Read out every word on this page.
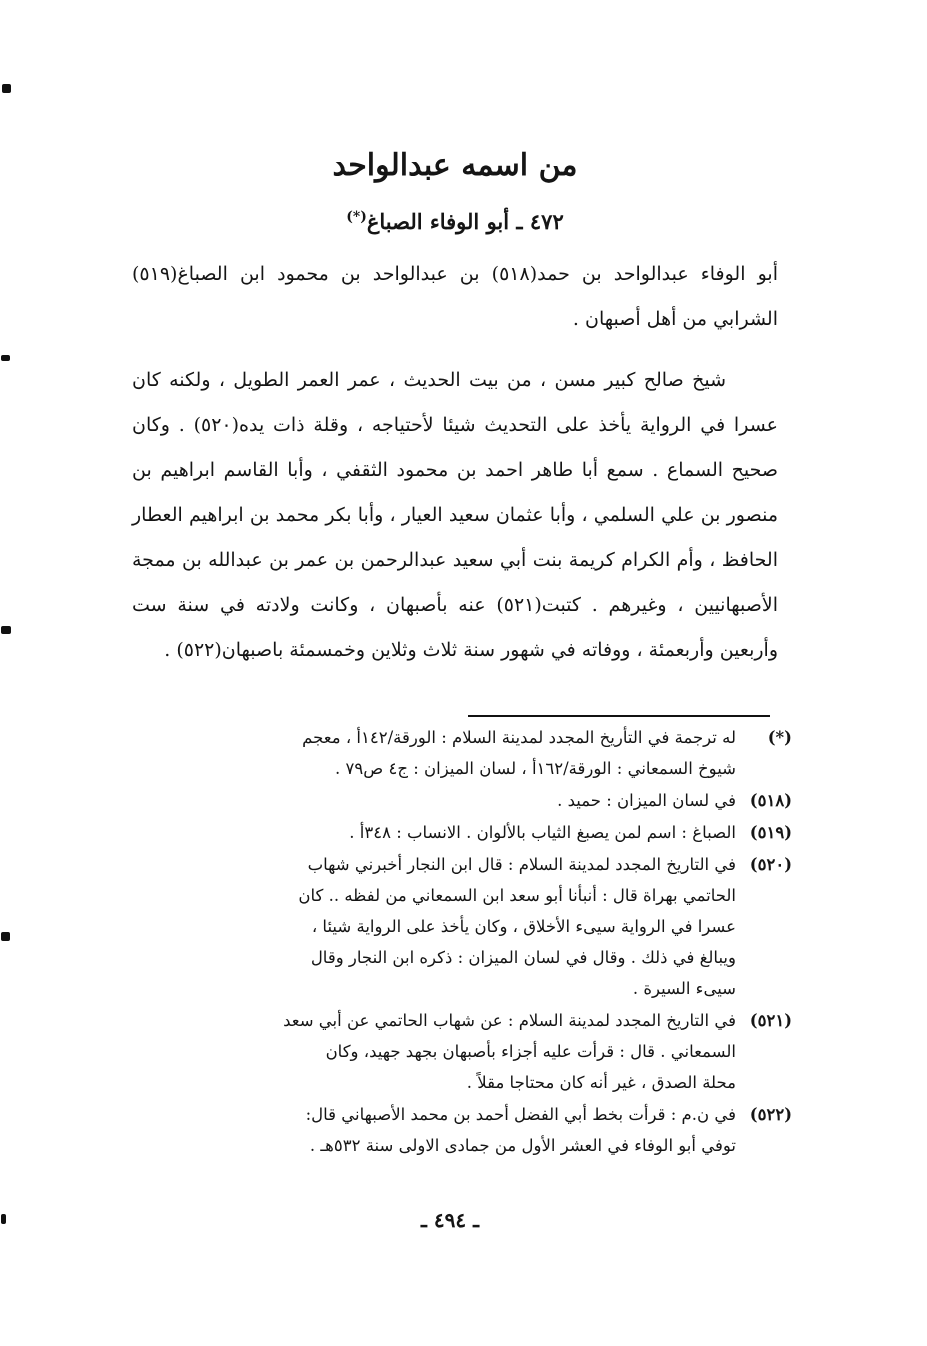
من اسمه عبدالواحد
٤٧٢ ـ أبو الوفاء الصباغ(*)
أبو الوفاء عبدالواحد بن حمد(٥١٨) بن عبدالواحد بن محمود ابن الصباغ(٥١٩) الشرابي من أهل أصبهان .
شيخ صالح كبير مسن ، من بيت الحديث ، عمر العمر الطويل ، ولكنه كان عسرا في الرواية يأخذ على التحديث شيئا لأحتياجه ، وقلة ذات يده(٥٢٠) . وكان صحيح السماع . سمع أبا طاهر احمد بن محمود الثقفي ، وأبا القاسم ابراهيم بن منصور بن علي السلمي ، وأبا عثمان سعيد العيار ، وأبا بكر محمد بن ابراهيم العطار الحافظ ، وأم الكرام كريمة بنت أبي سعيد عبدالرحمن بن عمر بن عبدالله بن ممجة الأصبهانيين ، وغيرهم . كتبت(٥٢١) عنه بأصبهان ، وكانت ولادته في سنة ست وأربعين وأربعمئة ، ووفاته في شهور سنة ثلاث وثلاين وخمسمئة باصبهان(٥٢٢) .
(*)
له ترجمة في التأريخ المجدد لمدينة السلام : الورقة/١٤٢أ ، معجم
شيوخ السمعاني : الورقة/١٦٢أ ، لسان الميزان : ج٤ ص٧٩ .
(٥١٨)
في لسان الميزان : حميد .
(٥١٩)
الصباغ : اسم لمن يصبغ الثياب بالألوان . الانساب : ٣٤٨أ .
(٥٢٠)
في التاريخ المجدد لمدينة السلام : قال ابن النجار أخبرني شهاب
الحاتمي بهراة قال : أنبأنا أبو سعد ابن السمعاني من لفظه .. كان
عسرا في الرواية سيىء الأخلاق ، وكان يأخذ على الرواية شيئا ،
ويبالغ في ذلك . وقال في لسان الميزان : ذكره ابن النجار وقال
سيىء السيرة .
(٥٢١)
في التاريخ المجدد لمدينة السلام : عن شهاب الحاتمي عن أبي سعد
السمعاني . قال : قرأت عليه أجزاء بأصبهان بجهد جهيد، وكان
محلة الصدق ، غير أنه كان محتاجا مقلاً .
(٥٢٢)
في ن.م : قرأت بخط أبي الفضل أحمد بن محمد الأصبهاني قال:
توفي أبو الوفاء في العشر الأول من جمادى الاولى سنة ٥٣٢هـ .
ـ ٤٩٤ ـ
